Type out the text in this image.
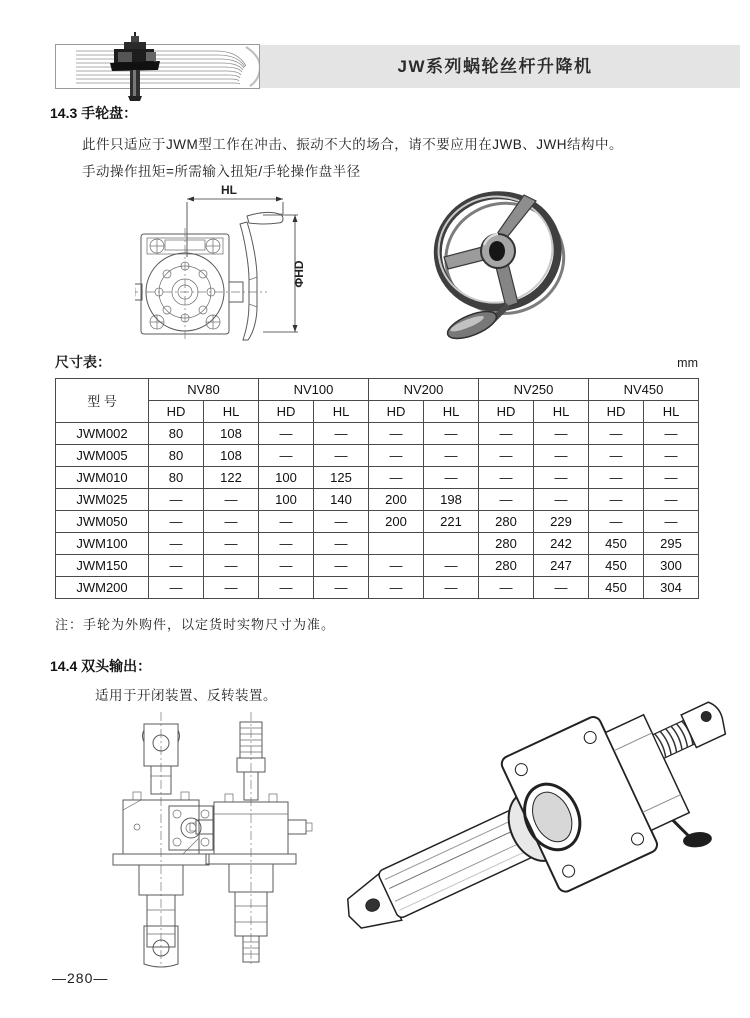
JW系列蜗轮丝杆升降机
14.3 手轮盘：
此件只适应于JWM型工作在冲击、振动不大的场合，请不要应用在JWB、JWH结构中。
手动操作扭矩=所需输入扭矩/手轮操作盘半径
HL
ΦHD
尺寸表：	mm
型 号	NV80		NV100		NV200		NV250		NV450	
	HD	HL	HD	HL	HD	HL	HD	HL	HD	HL
JWM002	80	108	—	—	—	—	—	—	—	—
JWM005	80	108	—	—	—	—	—	—	—	—
JWM010	80	122	100	125	—	—	—	—	—	—
JWM025	—	—	100	140	200	198	—	—	—	—
JWM050	—	—	—	—	200	221	280	229	—	—
JWM100	—	—	—	—			280	242	450	295
JWM150	—	—	—	—	—	—	280	247	450	300
JWM200	—	—	—	—	—	—	—	—	450	304
注：手轮为外购件，以定货时实物尺寸为准。
14.4 双头输出：
适用于开闭装置、反转装置。
—280—
